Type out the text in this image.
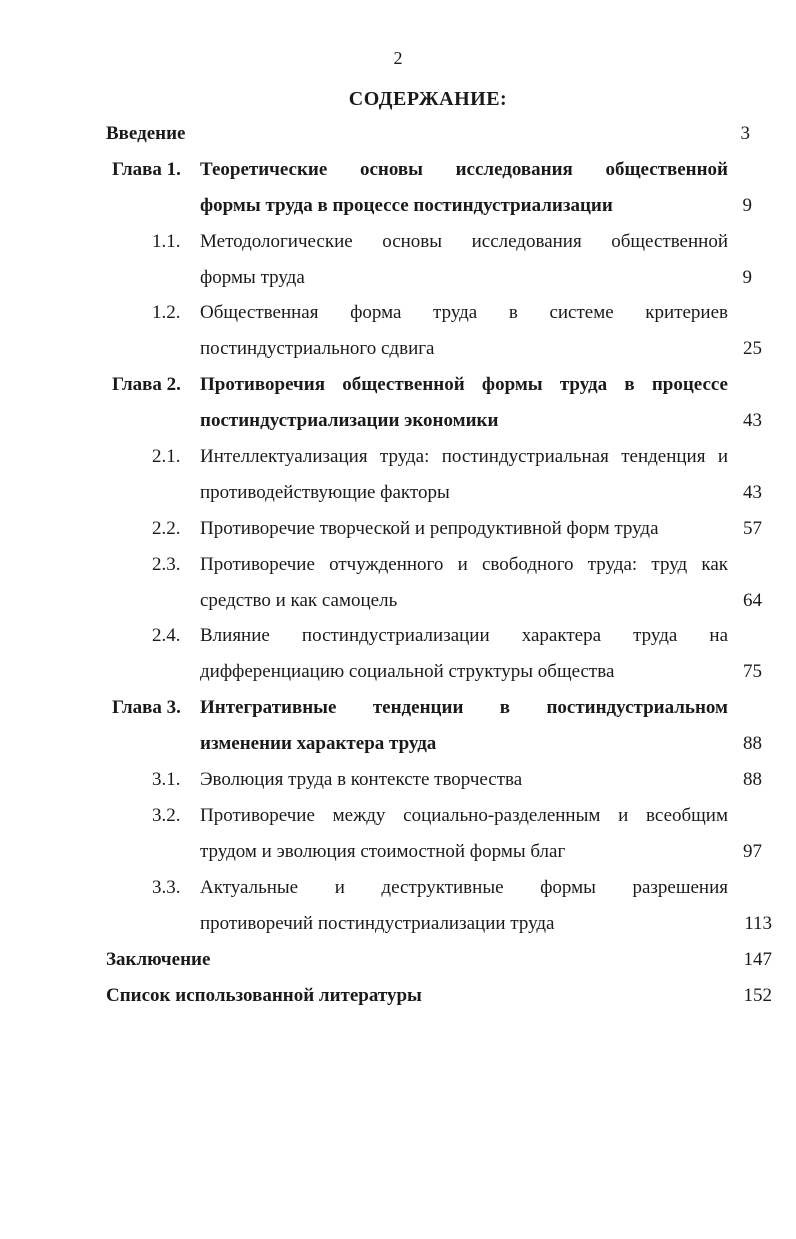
2
СОДЕРЖАНИЕ:
Введение	3
Глава 1. Теоретические основы исследования общественной
формы труда в процессе постиндустриализации	9
1.1. Методологические основы исследования общественной
формы труда	9
1.2. Общественная форма труда в системе критериев
постиндустриального сдвига	25
Глава 2. Противоречия общественной формы труда в процессе
постиндустриализации экономики	43
2.1. Интеллектуализация труда: постиндустриальная тенденция и
противодействующие факторы	43
2.2. Противоречие творческой и репродуктивной форм труда	57
2.3. Противоречие отчужденного и свободного труда: труд как
средство и как самоцель	64
2.4. Влияние постиндустриализации характера труда на
дифференциацию социальной структуры общества	75
Глава 3. Интегративные тенденции в постиндустриальном
изменении характера труда	88
3.1. Эволюция труда в контексте творчества	88
3.2. Противоречие между социально-разделенным и всеобщим
трудом и эволюция стоимостной формы благ	97
3.3. Актуальные и деструктивные формы разрешения
противоречий постиндустриализации труда	113
Заключение	147
Список использованной литературы	152
